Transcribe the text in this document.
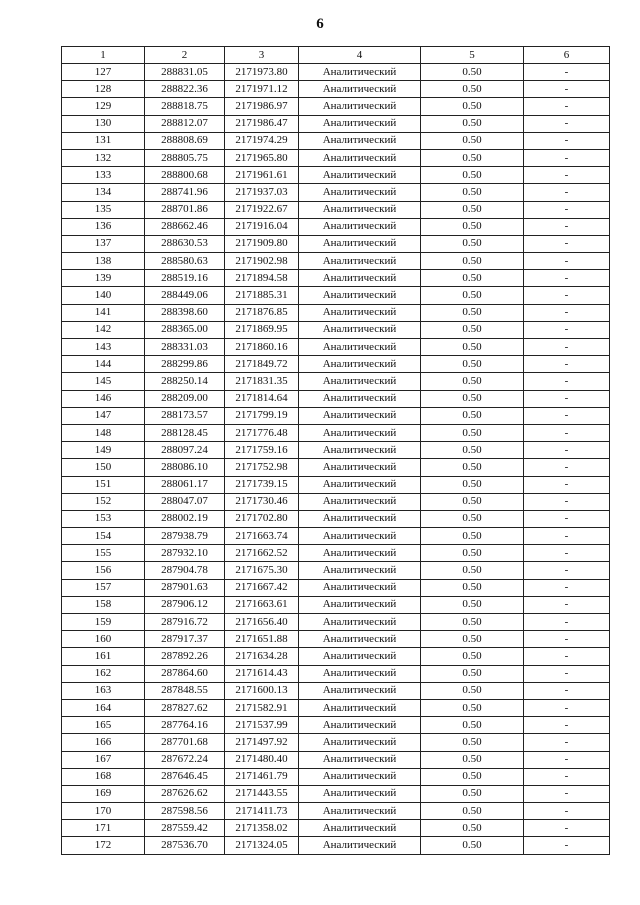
6
1	2	3	4	5	6
127	288831.05	2171973.80	Аналитический	0.50	-
128	288822.36	2171971.12	Аналитический	0.50	-
129	288818.75	2171986.97	Аналитический	0.50	-
130	288812.07	2171986.47	Аналитический	0.50	-
131	288808.69	2171974.29	Аналитический	0.50	-
132	288805.75	2171965.80	Аналитический	0.50	-
133	288800.68	2171961.61	Аналитический	0.50	-
134	288741.96	2171937.03	Аналитический	0.50	-
135	288701.86	2171922.67	Аналитический	0.50	-
136	288662.46	2171916.04	Аналитический	0.50	-
137	288630.53	2171909.80	Аналитический	0.50	-
138	288580.63	2171902.98	Аналитический	0.50	-
139	288519.16	2171894.58	Аналитический	0.50	-
140	288449.06	2171885.31	Аналитический	0.50	-
141	288398.60	2171876.85	Аналитический	0.50	-
142	288365.00	2171869.95	Аналитический	0.50	-
143	288331.03	2171860.16	Аналитический	0.50	-
144	288299.86	2171849.72	Аналитический	0.50	-
145	288250.14	2171831.35	Аналитический	0.50	-
146	288209.00	2171814.64	Аналитический	0.50	-
147	288173.57	2171799.19	Аналитический	0.50	-
148	288128.45	2171776.48	Аналитический	0.50	-
149	288097.24	2171759.16	Аналитический	0.50	-
150	288086.10	2171752.98	Аналитический	0.50	-
151	288061.17	2171739.15	Аналитический	0.50	-
152	288047.07	2171730.46	Аналитический	0.50	-
153	288002.19	2171702.80	Аналитический	0.50	-
154	287938.79	2171663.74	Аналитический	0.50	-
155	287932.10	2171662.52	Аналитический	0.50	-
156	287904.78	2171675.30	Аналитический	0.50	-
157	287901.63	2171667.42	Аналитический	0.50	-
158	287906.12	2171663.61	Аналитический	0.50	-
159	287916.72	2171656.40	Аналитический	0.50	-
160	287917.37	2171651.88	Аналитический	0.50	-
161	287892.26	2171634.28	Аналитический	0.50	-
162	287864.60	2171614.43	Аналитический	0.50	-
163	287848.55	2171600.13	Аналитический	0.50	-
164	287827.62	2171582.91	Аналитический	0.50	-
165	287764.16	2171537.99	Аналитический	0.50	-
166	287701.68	2171497.92	Аналитический	0.50	-
167	287672.24	2171480.40	Аналитический	0.50	-
168	287646.45	2171461.79	Аналитический	0.50	-
169	287626.62	2171443.55	Аналитический	0.50	-
170	287598.56	2171411.73	Аналитический	0.50	-
171	287559.42	2171358.02	Аналитический	0.50	-
172	287536.70	2171324.05	Аналитический	0.50	-
